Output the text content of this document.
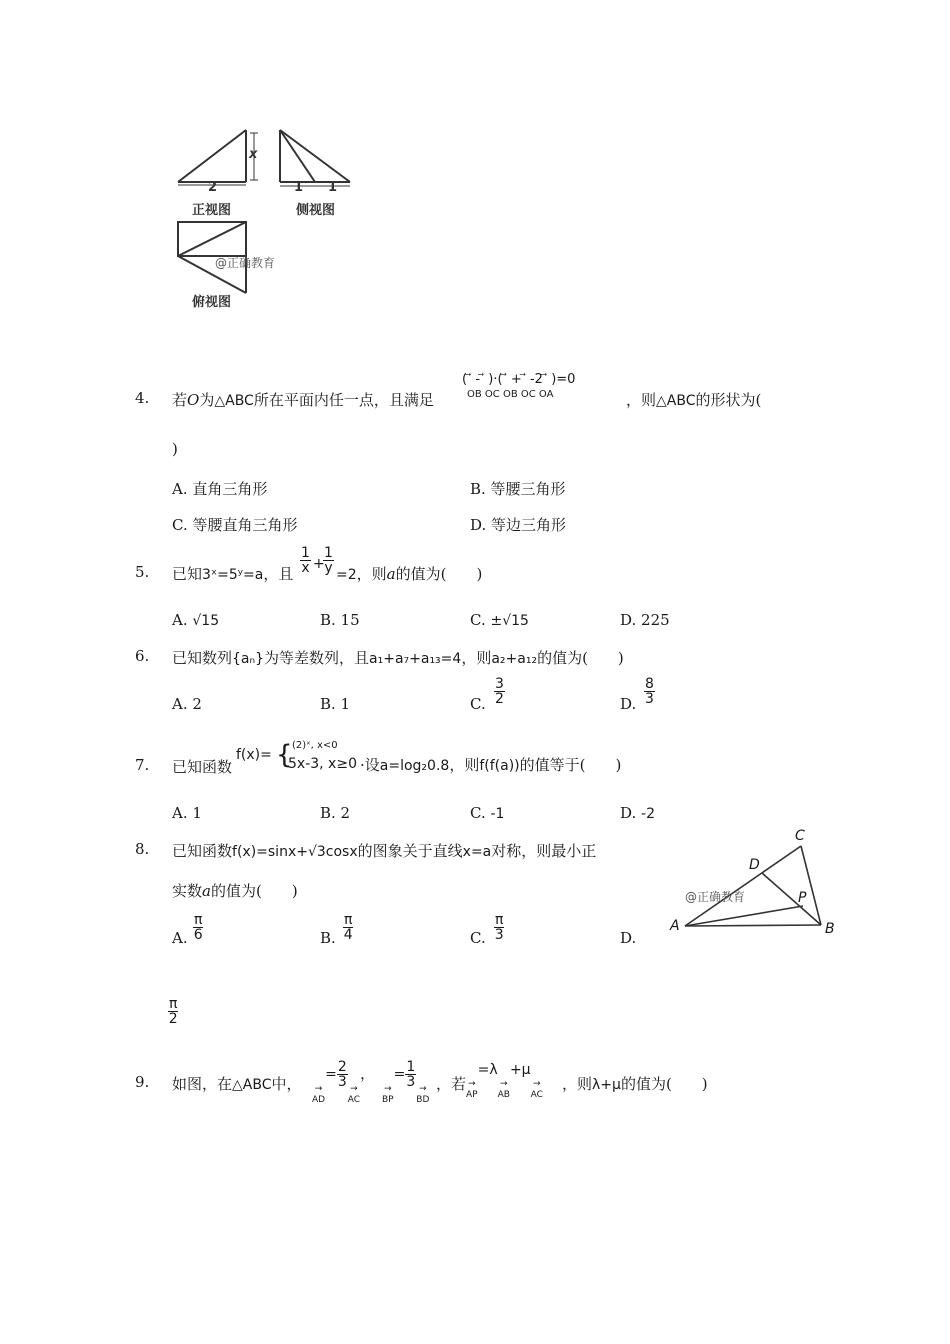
x
2	1 1
正视图	侧视图
@正确教育
俯视图
4. 若O为△ABC所在平面内任一点，且满足
( ⃗ - ⃗ )·( ⃗ + ⃗ -2 ⃗ )=0
OB OC OB OC OA	，则△ABC的形状为(
)
A. 直角三角形	B. 等腰三角形
C. 等腰直角三角形	D. 等边三角形
5. 已知3ˣ=5ʸ=a，且 $\frac{1}{x}$ +
$\frac{1}{y} =2$，则a的值为(　　)
A. √15	B. 15	C. ±√15	D. 225
6. 已知数列{aₙ}为等差数列，且a₁+a₇+a₁₃=4，则a₂+a₁₂的值为(　　)
A. 2	B. 1	C. $\frac{3}{2}$	D. $\frac{8}{3}$
7. 已知函数
f(x)= { (2)ˣ, x<0
5x-3, x≥0 ·设a=log₂0.8，则f(f(a))的值等于(　　)
A. 1	B. 2	C. -1	D. -2
8. 已知函数f(x)=sinx+√3cosx的图象关于直线x=a对称，则最小正
实数a的值为(　　)
A. $\frac{\pi}{6}$	B. $\frac{\pi}{4}$	C. $\frac{\pi}{3}$	D.
$\frac{\pi}{2}$
A	B
C
D
P
@正确教育
9. 如图，在△ABC中，	→
AD
= $\frac{2}{3}$ →
AC
，
→
BP
= $\frac{1}{3}$ →
BD
，若 →
AP
=λ→
AB
+μ→
AC
，则λ+μ的值为(　　)
